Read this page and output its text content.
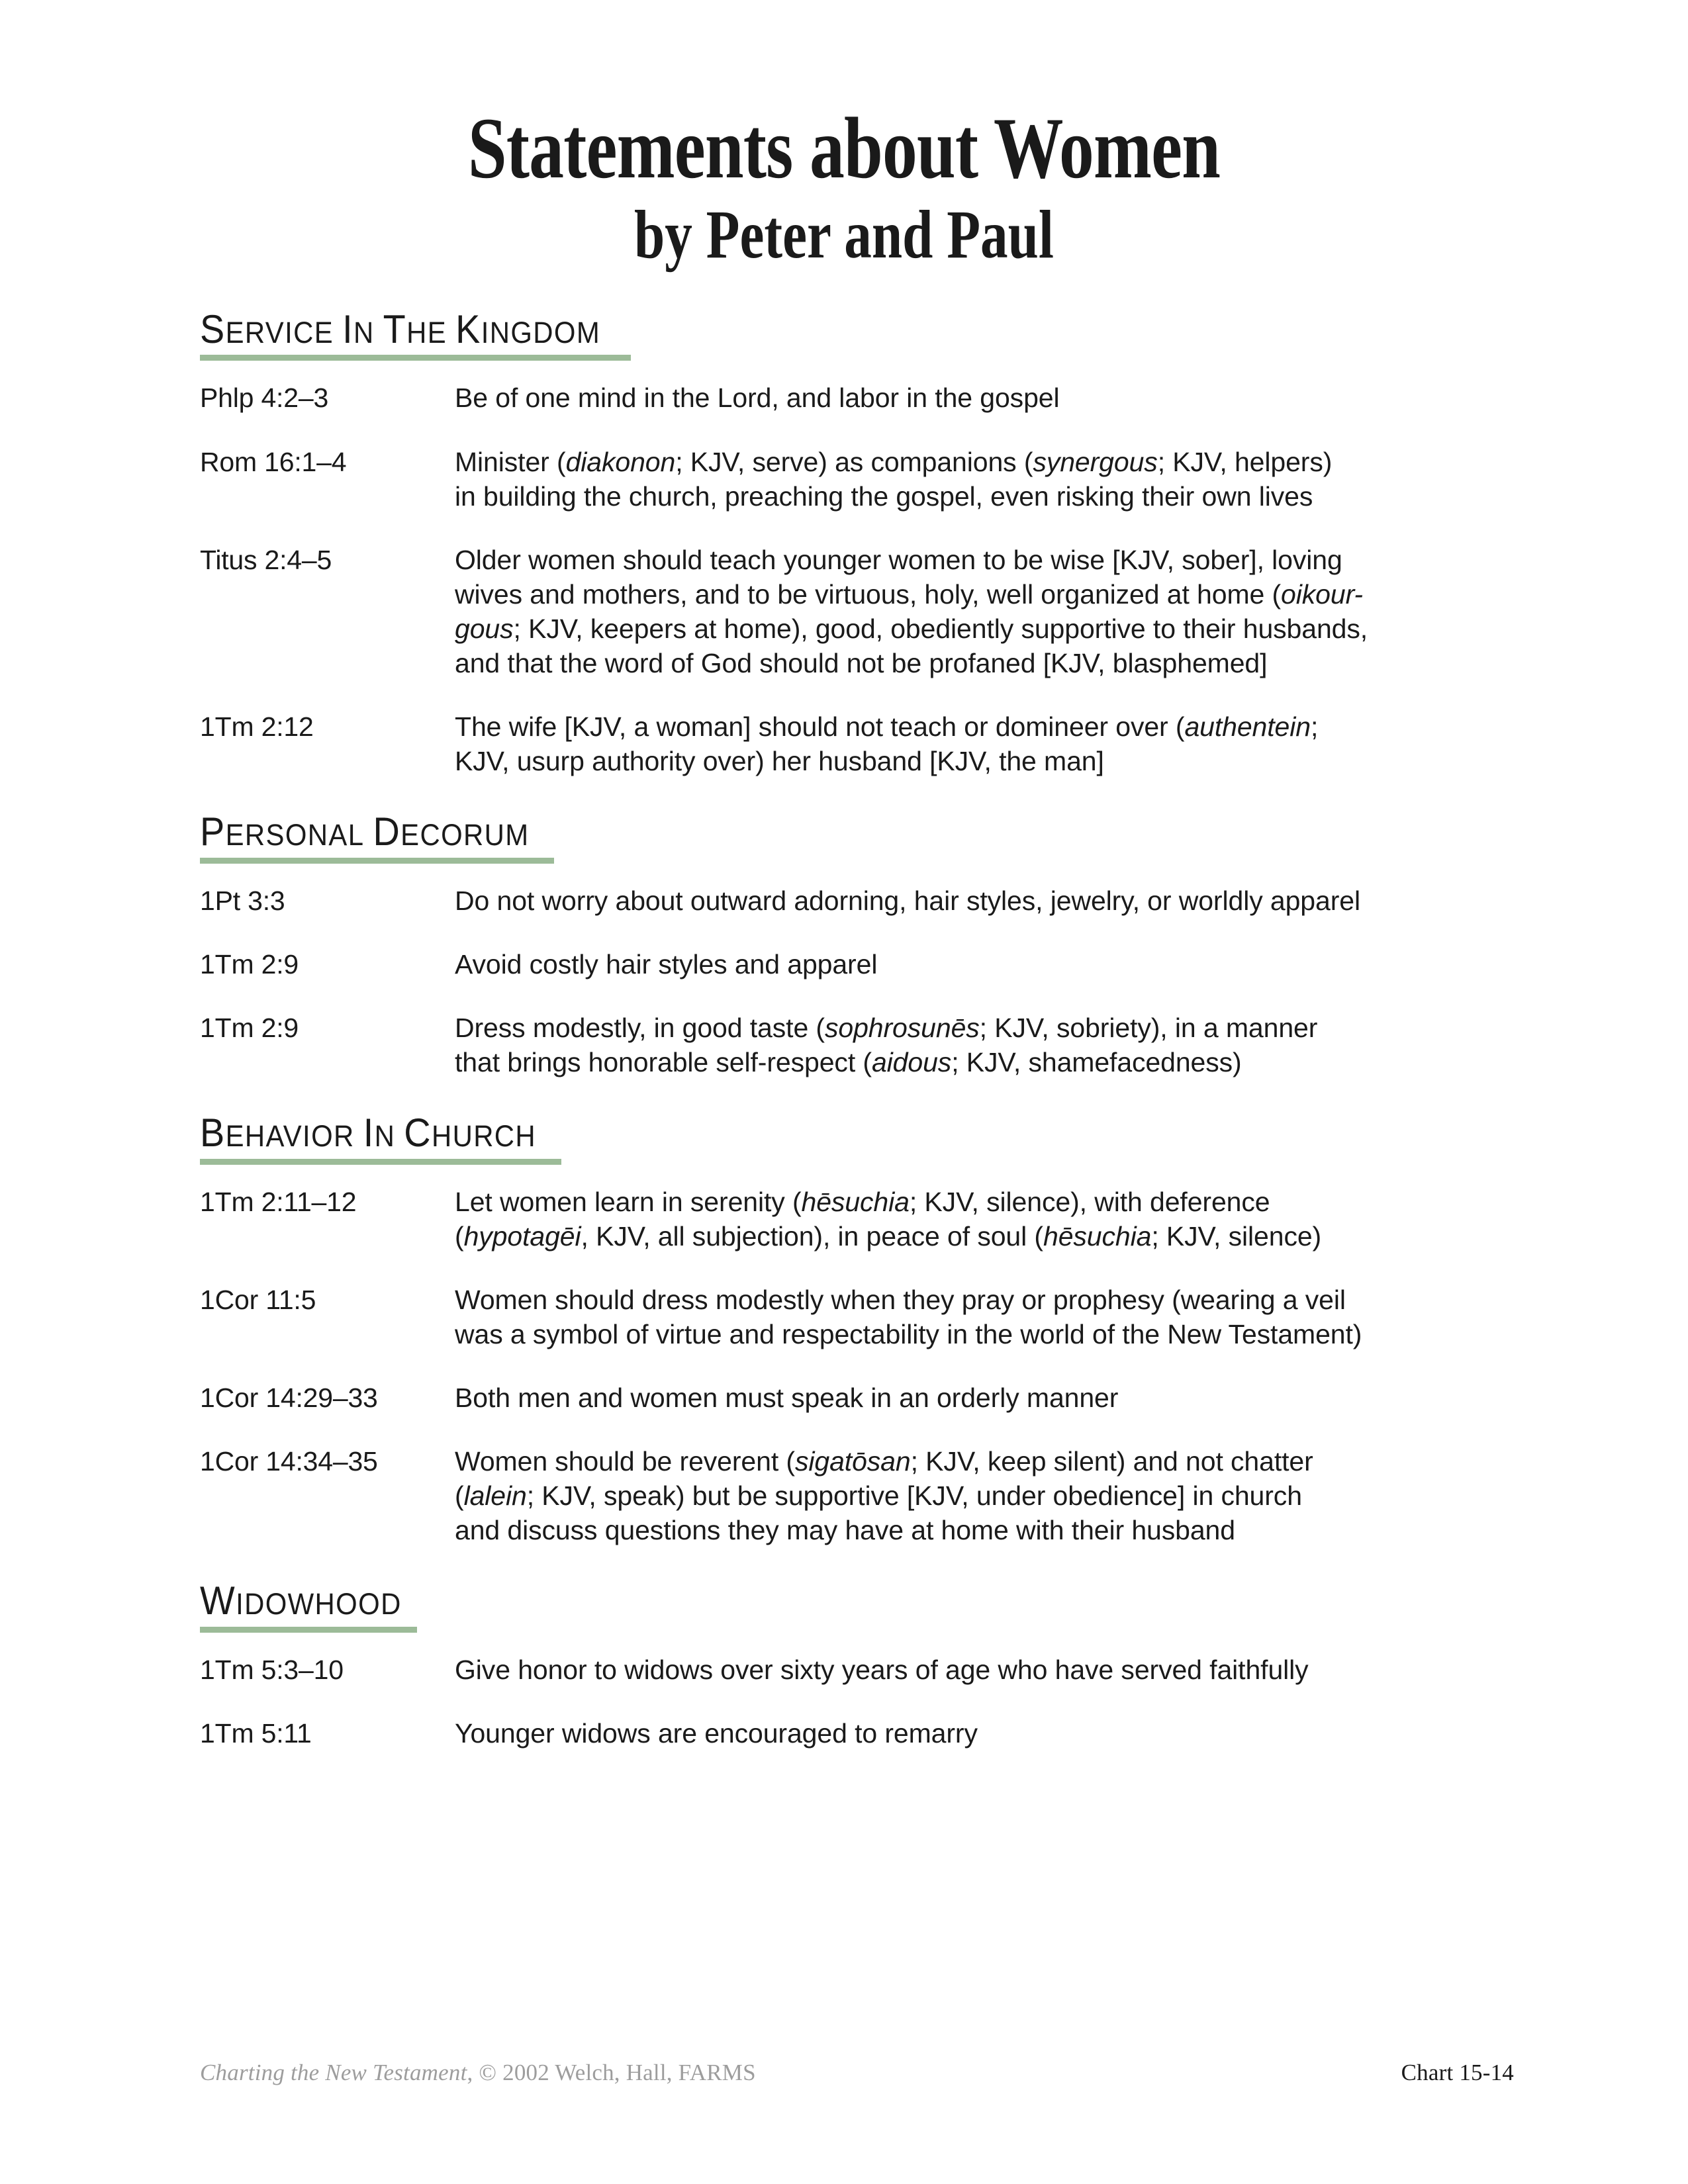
Statements about Women
by Peter and Paul
SERVICE IN THE KINGDOM
Phlp 4:2–3	Be of one mind in the Lord, and labor in the gospel
Rom 16:1–4	Minister (diakonon; KJV, serve) as companions (synergous; KJV, helpers)
in building the church, preaching the gospel, even risking their own lives
Titus 2:4–5	Older women should teach younger women to be wise [KJV, sober], loving
wives and mothers, and to be virtuous, holy, well organized at home (oikour-
gous; KJV, keepers at home), good, obediently supportive to their husbands,
and that the word of God should not be profaned [KJV, blasphemed]
1Tm 2:12	The wife [KJV, a woman] should not teach or domineer over (authentein;
KJV, usurp authority over) her husband [KJV, the man]
PERSONAL DECORUM
1Pt 3:3	Do not worry about outward adorning, hair styles, jewelry, or worldly apparel
1Tm 2:9	Avoid costly hair styles and apparel
1Tm 2:9	Dress modestly, in good taste (sophrosunēs; KJV, sobriety), in a manner
that brings honorable self-respect (aidous; KJV, shamefacedness)
BEHAVIOR IN CHURCH
1Tm 2:11–12	Let women learn in serenity (hēsuchia; KJV, silence), with deference
(hypotagēi, KJV, all subjection), in peace of soul (hēsuchia; KJV, silence)
1Cor 11:5	Women should dress modestly when they pray or prophesy (wearing a veil
was a symbol of virtue and respectability in the world of the New Testament)
1Cor 14:29–33	Both men and women must speak in an orderly manner
1Cor 14:34–35	Women should be reverent (sigatōsan; KJV, keep silent) and not chatter
(lalein; KJV, speak) but be supportive [KJV, under obedience] in church
and discuss questions they may have at home with their husband
WIDOWHOOD
1Tm 5:3–10	Give honor to widows over sixty years of age who have served faithfully
1Tm 5:11	Younger widows are encouraged to remarry
Charting the New Testament, © 2002 Welch, Hall, FARMS	Chart 15-14
